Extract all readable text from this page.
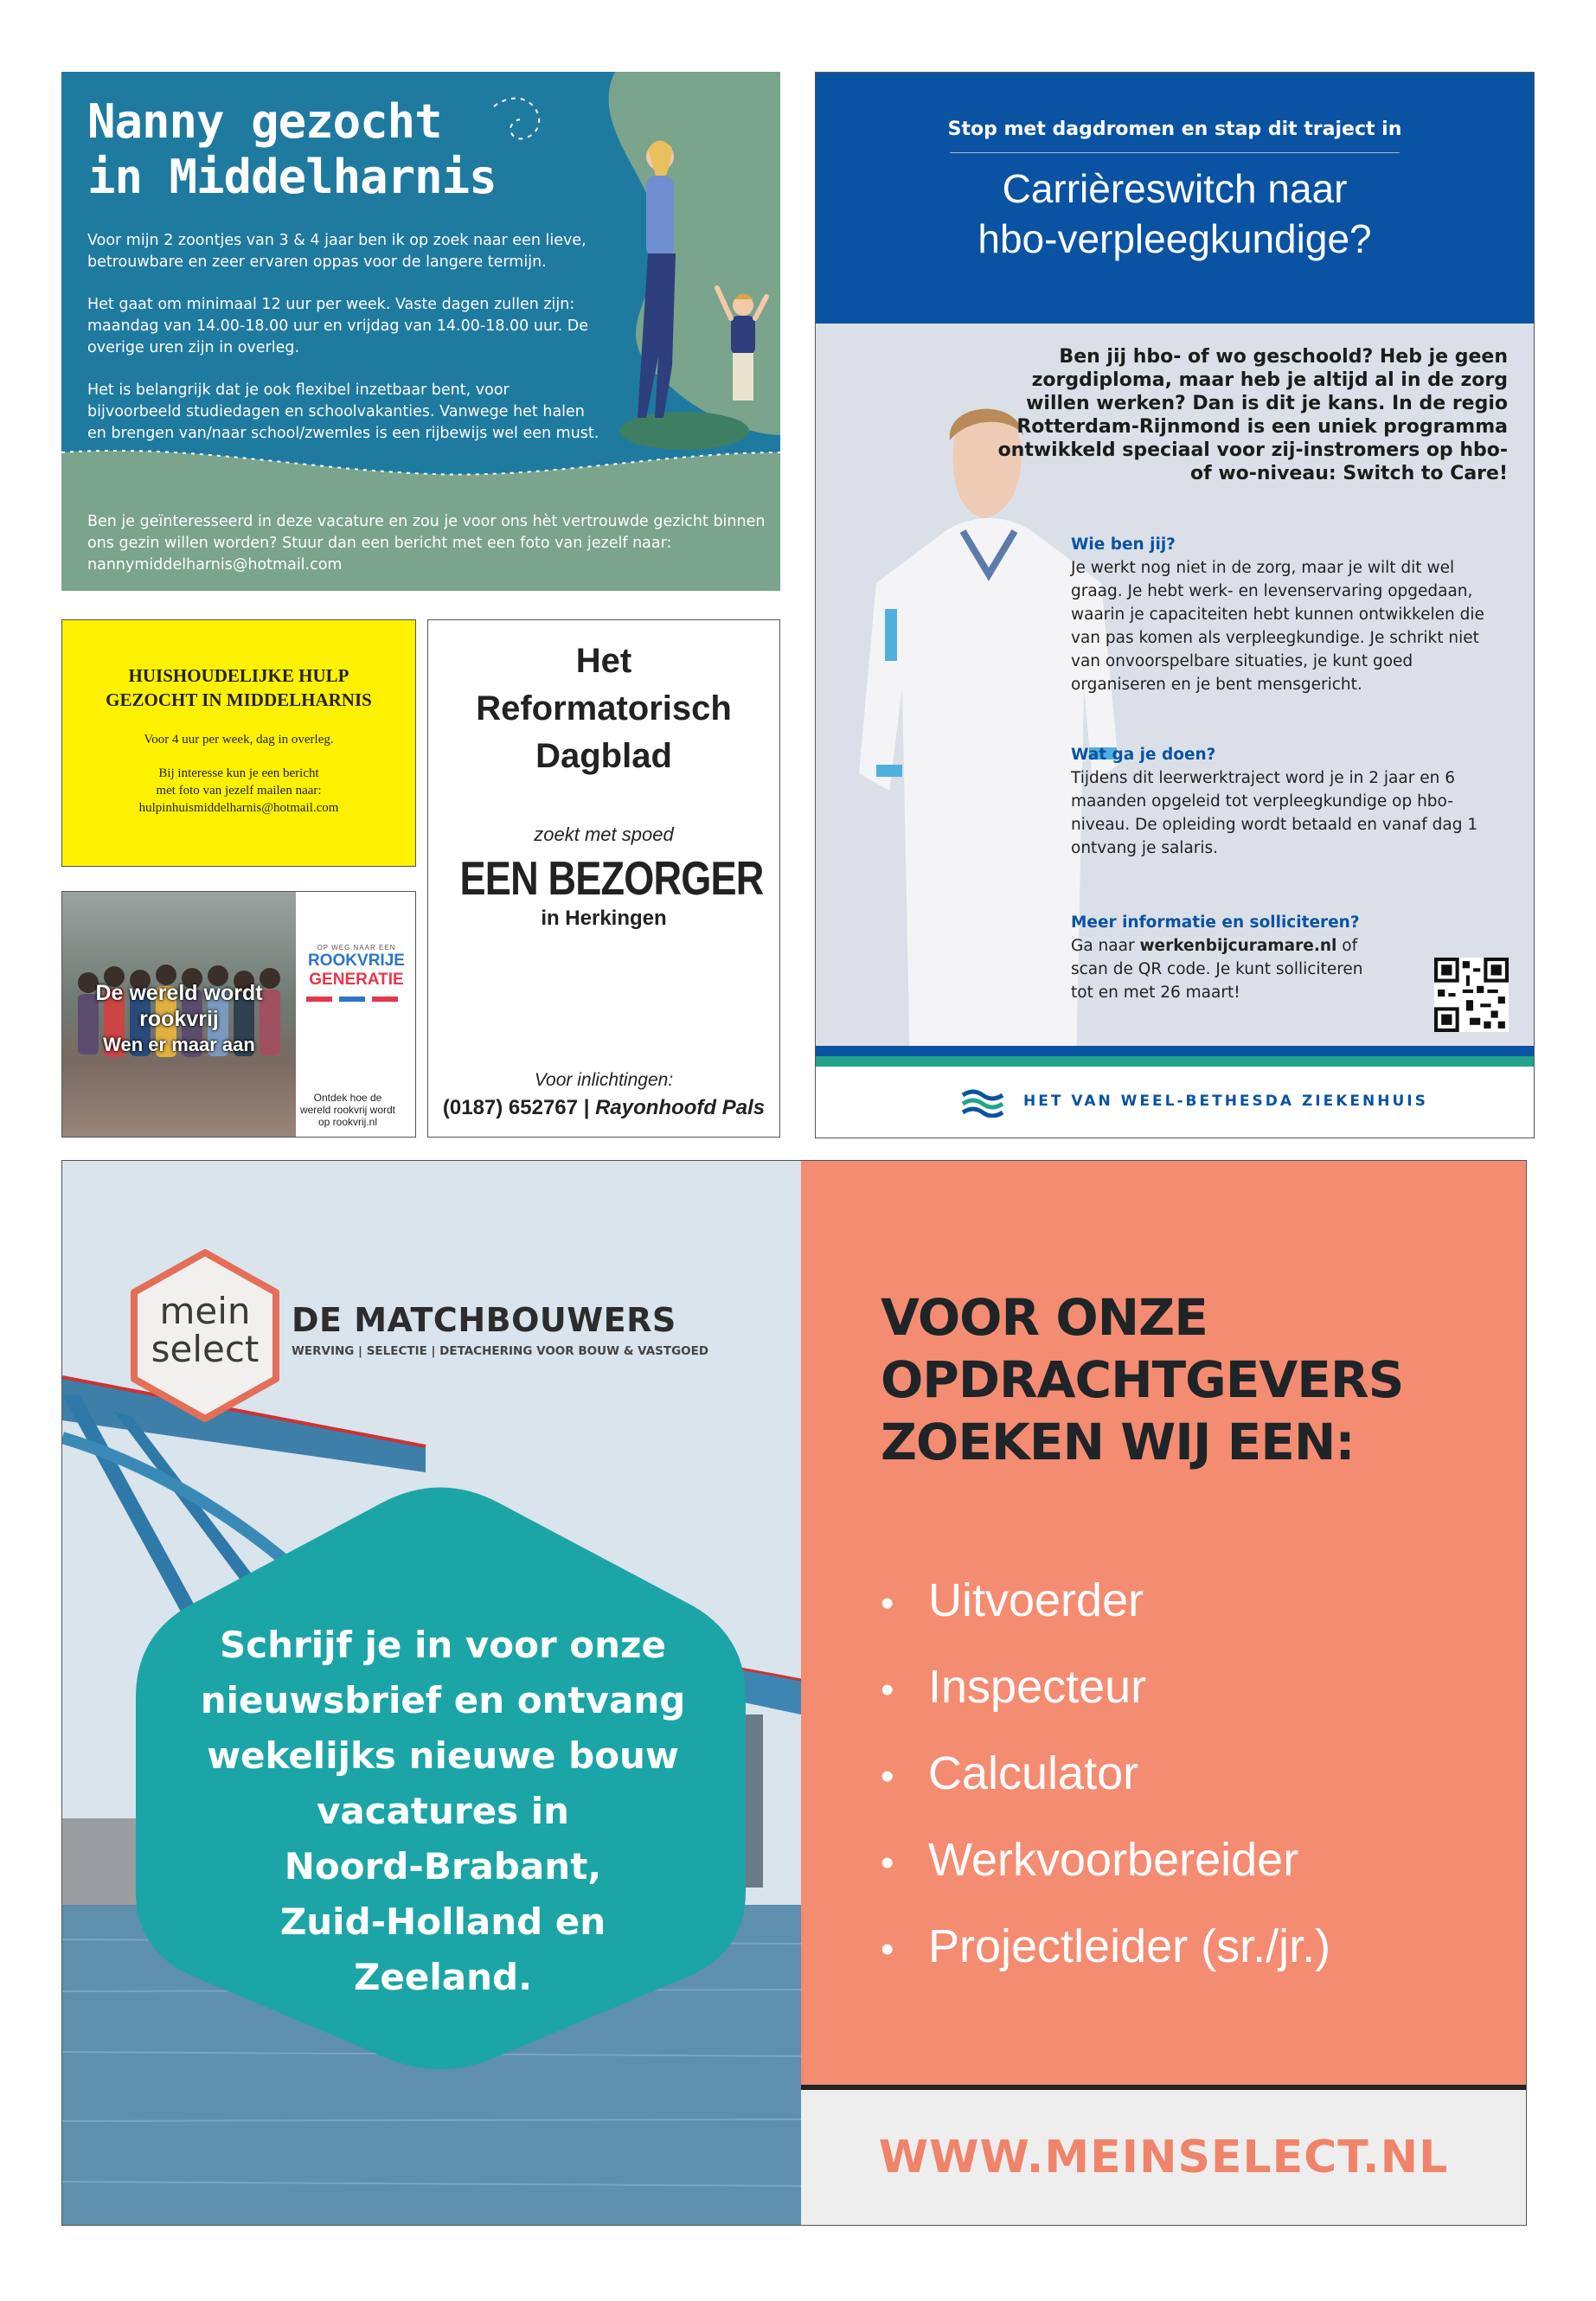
Nanny gezocht
in Middelharnis
Voor mijn 2 zoontjes van 3 & 4 jaar ben ik op zoek naar een lieve, betrouwbare en zeer ervaren oppas voor de langere termijn.
Het gaat om minimaal 12 uur per week. Vaste dagen zullen zijn: maandag van 14.00-18.00 uur en vrijdag van 14.00-18.00 uur. De overige uren zijn in overleg.
Het is belangrijk dat je ook flexibel inzetbaar bent, voor bijvoorbeeld studiedagen en schoolvakanties. Vanwege het halen en brengen van/naar school/zwemles is een rijbewijs wel een must.
Ben je geïnteresseerd in deze vacature en zou je voor ons hèt vertrouwde gezicht binnen ons gezin willen worden? Stuur dan een bericht met een foto van jezelf naar: nannymiddelharnis@hotmail.com
HUISHOUDELIJKE HULP
GEZOCHT IN MIDDELHARNIS
Voor 4 uur per week, dag in overleg.
Bij interesse kun je een bericht
met foto van jezelf mailen naar:
hulpinhuismiddelharnis@hotmail.com
De wereld wordt
rookvrij
Wen er maar aan
OP WEG NAAR EEN
ROOKVRIJE
GENERATIE
Ontdek hoe de
wereld rookvrij wordt
op rookvrij.nl
Het
Reformatorisch
Dagblad
zoekt met spoed
EEN BEZORGER
in Herkingen
Voor inlichtingen:
(0187) 652767 | Rayonhoofd Pals
Stop met dagdromen en stap dit traject in
Carrièreswitch naar
hbo-verpleegkundige?
Ben jij hbo- of wo geschoold? Heb je geen zorgdiploma, maar heb je altijd al in de zorg willen werken? Dan is dit je kans. In de regio Rotterdam-Rijnmond is een uniek programma ontwikkeld speciaal voor zij-instromers op hbo- of wo-niveau: Switch to Care!
Wie ben jij?
Je werkt nog niet in de zorg, maar je wilt dit wel graag. Je hebt werk- en levenservaring opgedaan, waarin je capaciteiten hebt kunnen ontwikkelen die van pas komen als verpleegkundige. Je schrikt niet van onvoorspelbare situaties, je kunt goed organiseren en je bent mensgericht.
Wat ga je doen?
Tijdens dit leerwerktraject word je in 2 jaar en 6 maanden opgeleid tot verpleegkundige op hbo-niveau. De opleiding wordt betaald en vanaf dag 1 ontvang je salaris.
Meer informatie en solliciteren?
Ga naar werkenbijcuramare.nl of scan de QR code. Je kunt solliciteren tot en met 26 maart!
HET VAN WEEL-BETHESDA ZIEKENHUIS
mein
select
DE MATCHBOUWERS
WERVING | SELECTIE | DETACHERING VOOR BOUW & VASTGOED
Schrijf je in voor onze
nieuwsbrief en ontvang
wekelijks nieuwe bouw
vacatures in
Noord-Brabant,
Zuid-Holland en
Zeeland.
VOOR ONZE
OPDRACHTGEVERS
ZOEKEN WIJ EEN:
• Uitvoerder
• Inspecteur
• Calculator
• Werkvoorbereider
• Projectleider (sr./jr.)
WWW.MEINSELECT.NL
